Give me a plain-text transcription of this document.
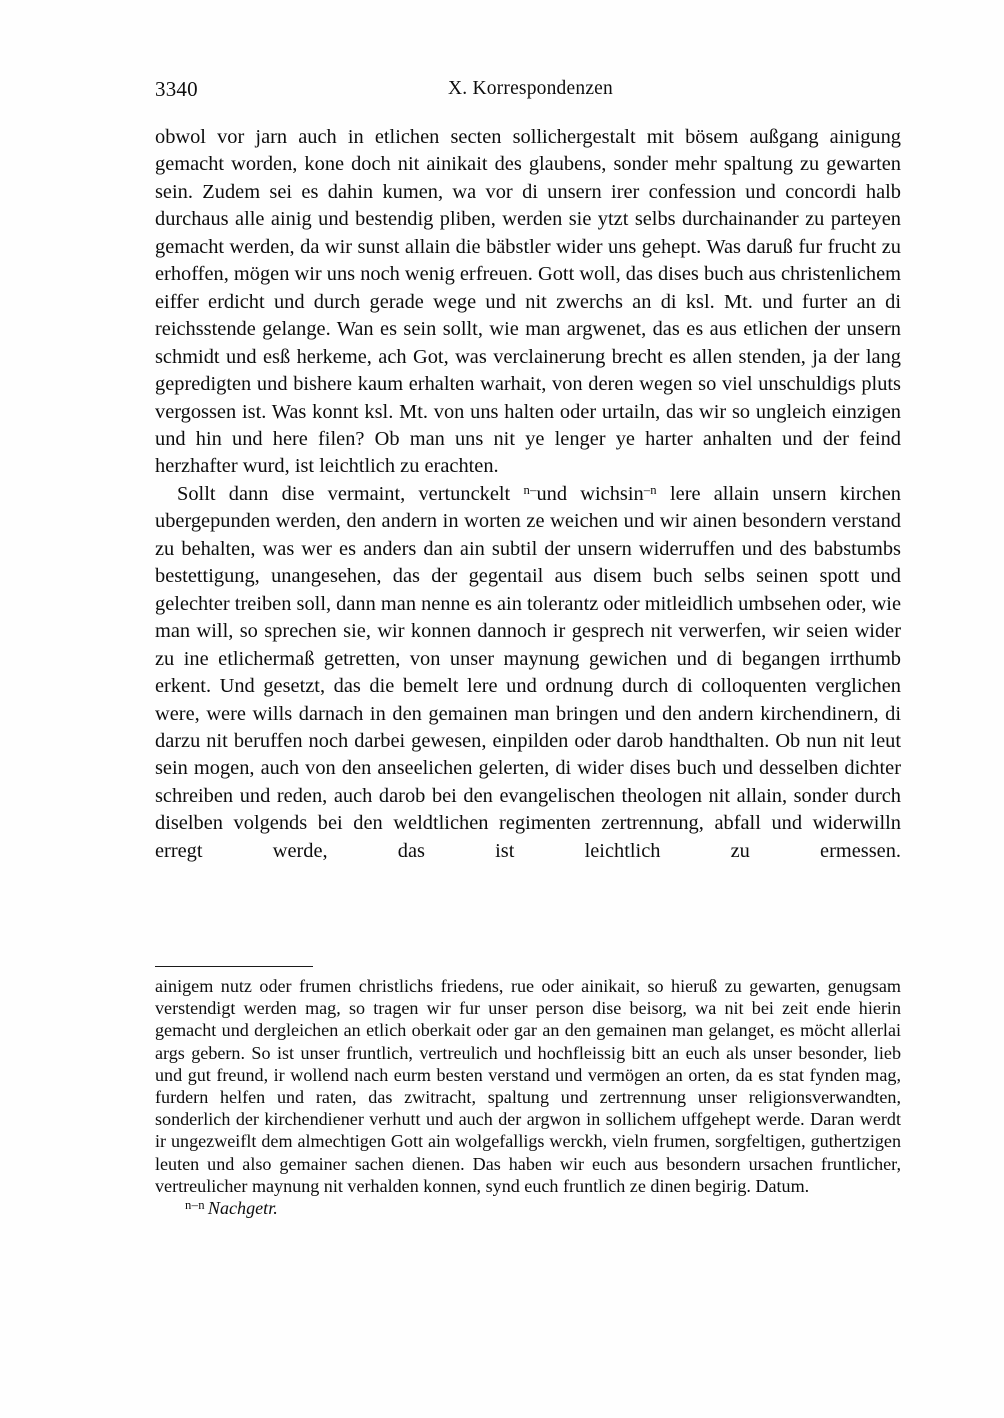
3340	X. Korrespondenzen

obwol vor jarn auch in etlichen secten sollichergestalt mit bösem außgang ainigung gemacht worden, kone doch nit ainikait des glaubens, sonder mehr spaltung zu gewarten sein. Zudem sei es dahin kumen, wa vor di unsern irer confession und concordi halb durchaus alle ainig und bestendig pliben, werden sie ytzt selbs durchainander zu parteyen gemacht werden, da wir sunst allain die bäbstler wider uns gehept. Was daruß fur frucht zu erhoffen, mögen wir uns noch wenig erfreuen. Gott woll, das dises buch aus christenlichem eiffer erdicht und durch gerade wege und nit zwerchs an di ksl. Mt. und furter an di reichsstende gelange. Wan es sein sollt, wie man argwenet, das es aus etlichen der unsern schmidt und esß herkeme, ach Got, was verclainerung brecht es allen stenden, ja der lang gepredigten und bishere kaum erhalten warhait, von deren wegen so viel unschuldigs pluts vergossen ist. Was konnt ksl. Mt. von uns halten oder urtailn, das wir so ungleich einzigen und hin und here filen? Ob man uns nit ye lenger ye harter anhalten und der feind herzhafter wurd, ist leichtlich zu erachten.

Sollt dann dise vermaint, vertunckelt $^{n-}$und wichsin$^{-n}$ lere allain unsern kirchen ubergepunden werden, den andern in worten ze weichen und wir ainen besondern verstand zu behalten, was wer es anders dan ain subtil der unsern widerruffen und des babstumbs bestettigung, unangesehen, das der gegentail aus disem buch selbs seinen spott und gelechter treiben soll, dann man nenne es ain tolerantz oder mitleidlich umbsehen oder, wie man will, so sprechen sie, wir konnen dannoch ir gesprech nit verwerfen, wir seien wider zu ine etlichermaß getretten, von unser maynung gewichen und di begangen irrthumb erkent. Und gesetzt, das die bemelt lere und ordnung durch di colloquenten verglichen were, were wills darnach in den gemainen man bringen und den andern kirchendinern, di darzu nit beruffen noch darbei gewesen, einpilden oder darob handthalten. Ob nun nit leut sein mogen, auch von den anseelichen gelerten, di wider dises buch und desselben dichter schreiben und reden, auch darob bei den evangelischen theologen nit allain, sonder durch diselben volgends bei den weldtlichen regimenten zertrennung, abfall und widerwilln erregt werde, das ist leichtlich zu ermessen.

ainigem nutz oder frumen christlichs friedens, rue oder ainikait, so hieruß zu gewarten, genugsam verstendigt werden mag, so tragen wir fur unser person dise beisorg, wa nit bei zeit ende hierin gemacht und dergleichen an etlich oberkait oder gar an den gemainen man gelanget, es möcht allerlai args gebern. So ist unser fruntlich, vertreulich und hochfleissig bitt an euch als unser besonder, lieb und gut freund, ir wollend nach eurm besten verstand und vermögen an orten, da es stat fynden mag, furdern helfen und raten, das zwitracht, spaltung und zertrennung unser religionsverwandten, sonderlich der kirchendiener verhutt und auch der argwon in sollichem uffgehept werde. Daran werdt ir ungezweiflt dem almechtigen Gott ain wolgefalligs werckh, vieln frumen, sorgfeltigen, guthertzigen leuten und also gemainer sachen dienen. Das haben wir euch aus besondern ursachen fruntlicher, vertreulicher maynung nit verhalden konnen, synd euch fruntlich ze dinen begirig. Datum.

$^{n-n}$ Nachgetr.
